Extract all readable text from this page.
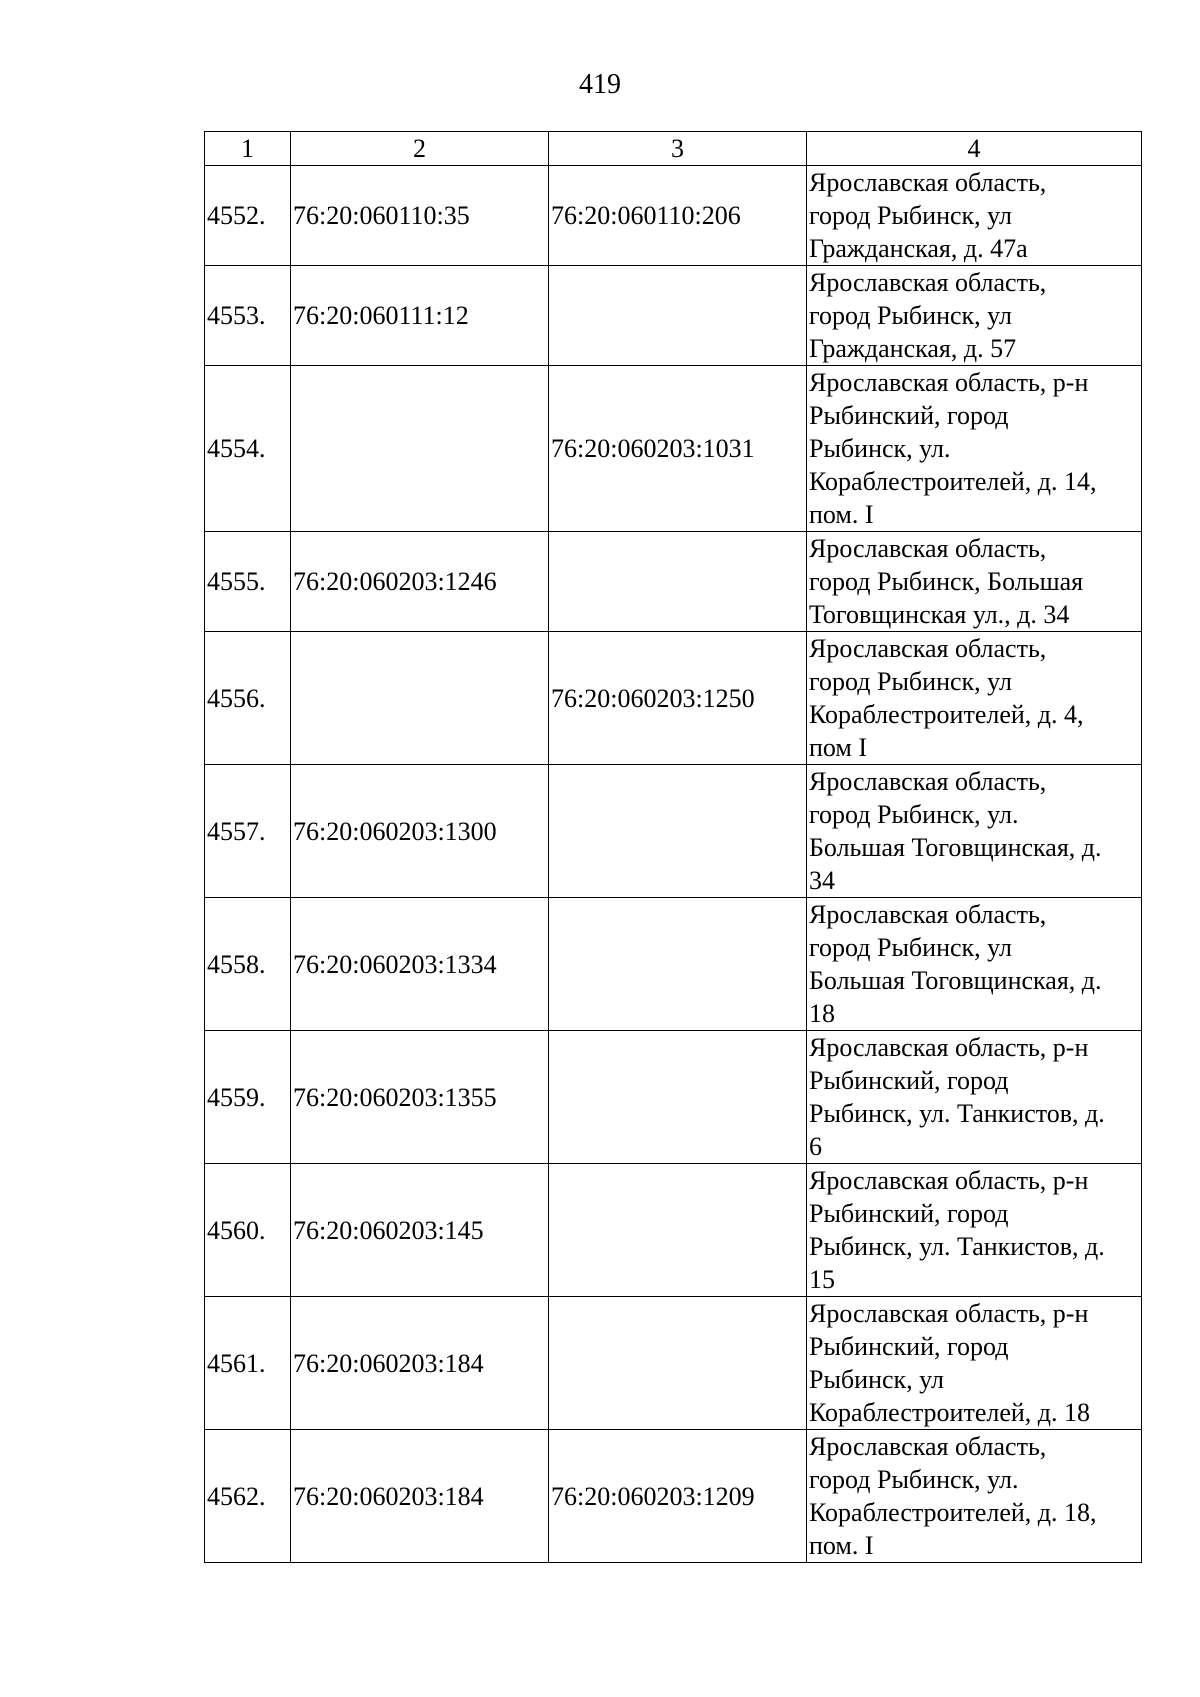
419
1	2	3	4
4552.	76:20:060110:35	76:20:060110:206	Ярославская область,
город Рыбинск, ул
Гражданская, д. 47а
4553.	76:20:060111:12		Ярославская область,
город Рыбинск, ул
Гражданская, д. 57
4554.		76:20:060203:1031	Ярославская область, р-н
Рыбинский, город
Рыбинск, ул.
Кораблестроителей, д. 14,
пом. I
4555.	76:20:060203:1246		Ярославская область,
город Рыбинск, Большая
Тоговщинская ул., д. 34
4556.		76:20:060203:1250	Ярославская область,
город Рыбинск, ул
Кораблестроителей, д. 4,
пом I
4557.	76:20:060203:1300		Ярославская область,
город Рыбинск, ул.
Большая Тоговщинская, д.
34
4558.	76:20:060203:1334		Ярославская область,
город Рыбинск, ул
Большая Тоговщинская, д.
18
4559.	76:20:060203:1355		Ярославская область, р-н
Рыбинский, город
Рыбинск, ул. Танкистов, д.
6
4560.	76:20:060203:145		Ярославская область, р-н
Рыбинский, город
Рыбинск, ул. Танкистов, д.
15
4561.	76:20:060203:184		Ярославская область, р-н
Рыбинский, город
Рыбинск, ул
Кораблестроителей, д. 18
4562.	76:20:060203:184	76:20:060203:1209	Ярославская область,
город Рыбинск, ул.
Кораблестроителей, д. 18,
пом. I
